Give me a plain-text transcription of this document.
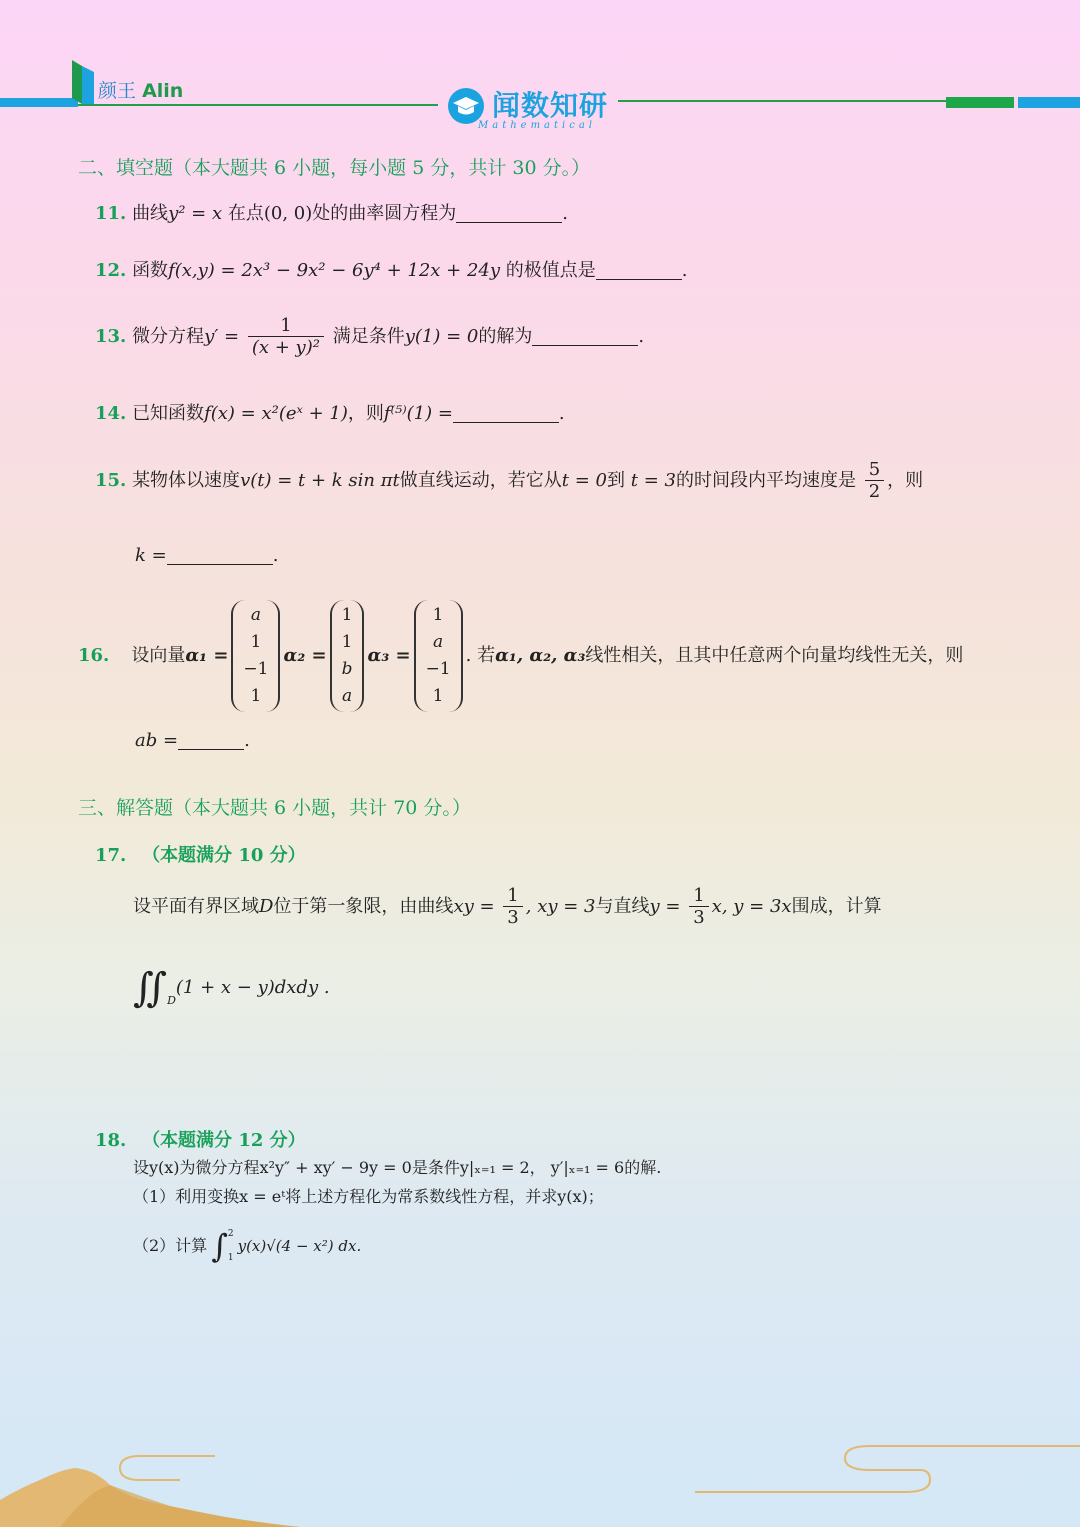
颜王 Alin	闻数知研
Mathematical
二、填空题（本大题共 6 小题，每小题 5 分，共计 30 分。）
11. 曲线y² = x 在点(0, 0)处的曲率圆方程为	.
12. 函数f(x,y) = 2x³ − 9x² − 6y⁴ + 12x + 24y 的极值点是	.
13. 微分方程$y' = \frac{1}{\text{(x + y)²}}$ 满足条件y(1) = 0的解为	.
14. 已知函数f(x) = x²(eˣ + 1)，则f⁽⁵⁾(1) =	.
15. 某物体以速度v(t) = t + k sin πt做直线运动，若它从t = 0到 t = 3的时间段内平均速度是 $\frac{5}{2}$ ，则
k =	.
16. 设向量 α₁ =
a
1
−1
1
α₂ =
1
1
b
a
α₃ =
1
a
−1
1
. 若 α₁, α₂, α₃ 线性相关，且其中任意两个向量均线性无关，则
ab =	.
三、解答题（本大题共 6 小题，共计 70 分。）
17. （本题满分 10 分）
设平面有界区域D位于第一象限，由曲线xy = $\frac{1}{3}$ , xy = 3与直线$y = \frac{1}{3} x$, y = 3x围成，计算
$∬_D$
(1 + x − y)dxdy .
18. （本题满分 12 分）
设y(x)为微分方程x²y″ + xy′ − 9y = 0是条件y|ₓ₌₁ = 2， y′|ₓ₌₁ = 6的解.
（1）利用变换x = eᵗ将上述方程化为常系数线性方程，并求y(x)；
（2）计算 ∫ 2
1
y(x)√(4 − x²) dx.
